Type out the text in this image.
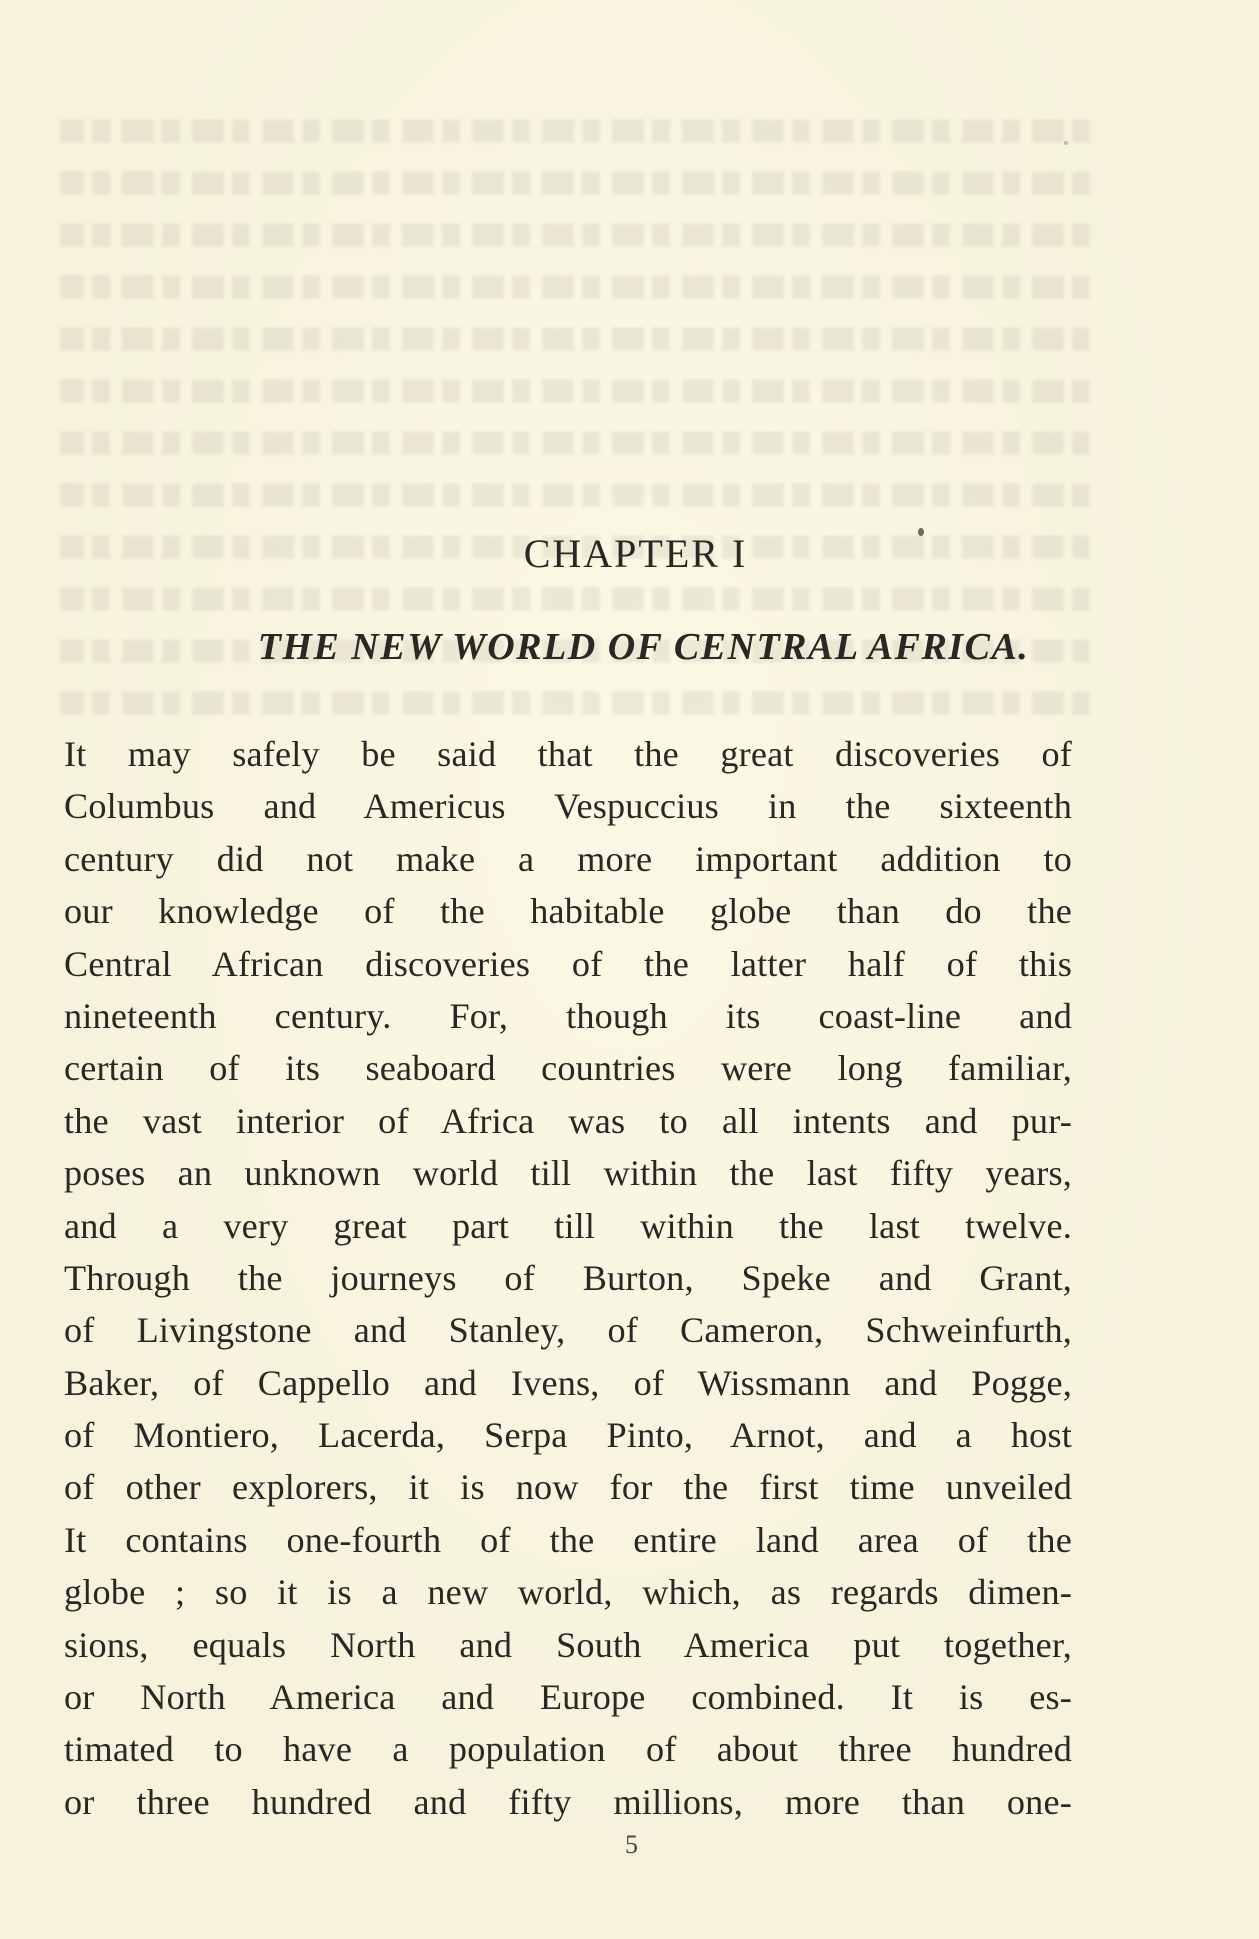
CHAPTER I
THE NEW WORLD OF CENTRAL AFRICA.
It may safely be said that the great discoveries of
Columbus and Americus Vespuccius in the sixteenth
century did not make a more important addition to
our knowledge of the habitable globe than do the
Central African discoveries of the latter half of this
nineteenth century. For, though its coast-line and
certain of its seaboard countries were long familiar,
the vast interior of Africa was to all intents and pur-
poses an unknown world till within the last fifty years,
and a very great part till within the last twelve.
Through the journeys of Burton, Speke and Grant,
of Livingstone and Stanley, of Cameron, Schweinfurth,
Baker, of Cappello and Ivens, of Wissmann and Pogge,
of Montiero, Lacerda, Serpa Pinto, Arnot, and a host
of other explorers, it is now for the first time unveiled
It contains one-fourth of the entire land area of the
globe ; so it is a new world, which, as regards dimen-
sions, equals North and South America put together,
or North America and Europe combined. It is es-
timated to have a population of about three hundred
or three hundred and fifty millions, more than one-
5
